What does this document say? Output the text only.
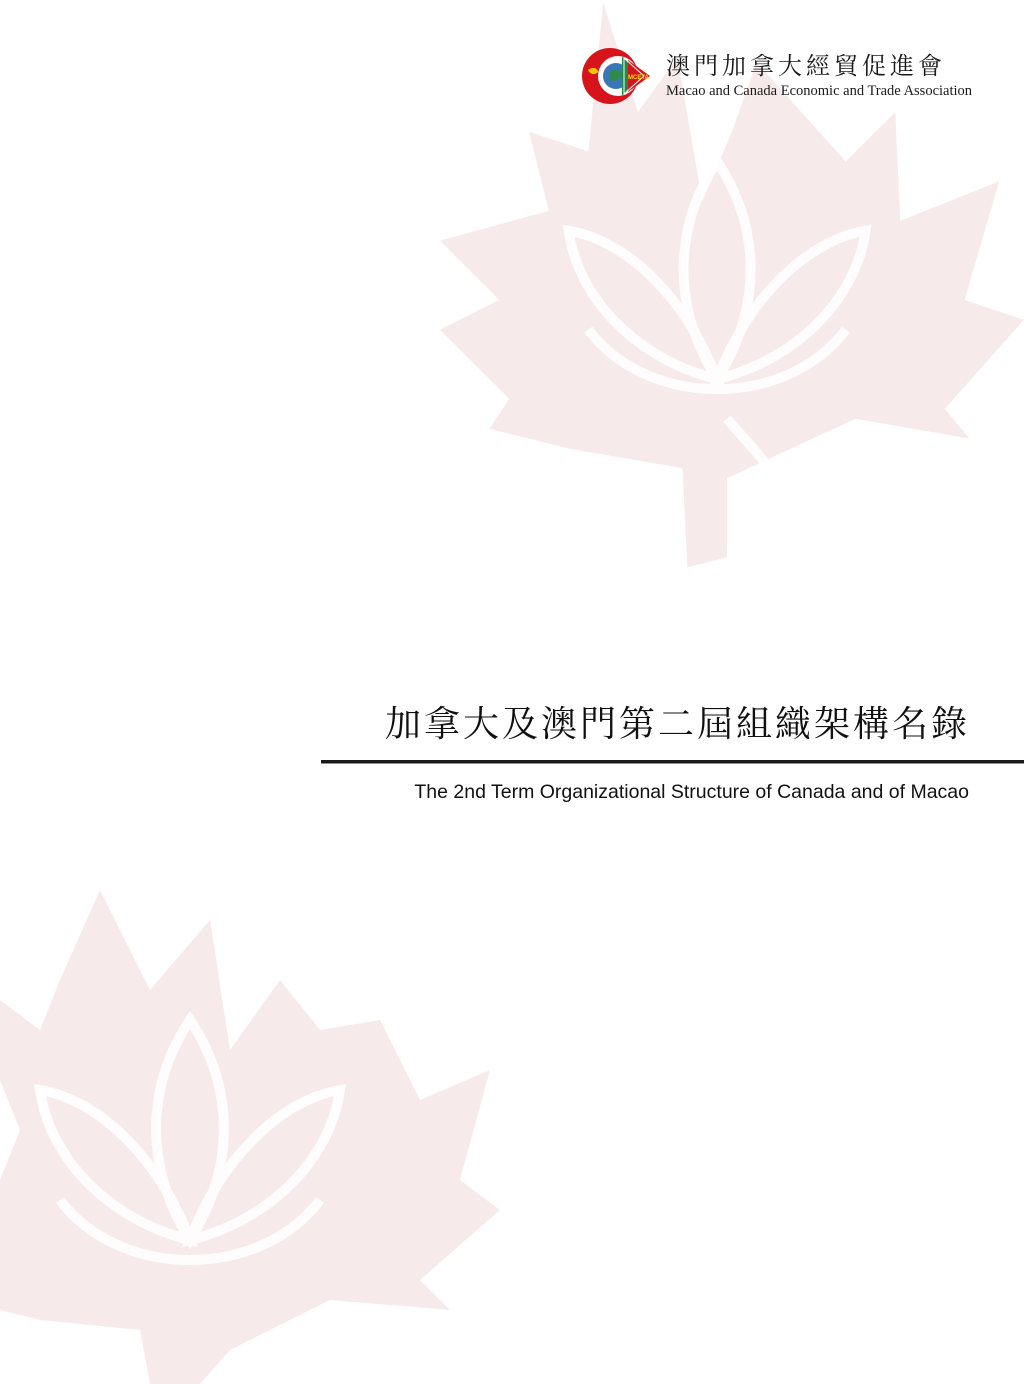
MCETA 澳門加拿大經貿促進會
Macao and Canada Economic and Trade Association
加拿大及澳門第二屆組織架構名錄
The 2nd Term Organizational Structure of Canada and of Macao
